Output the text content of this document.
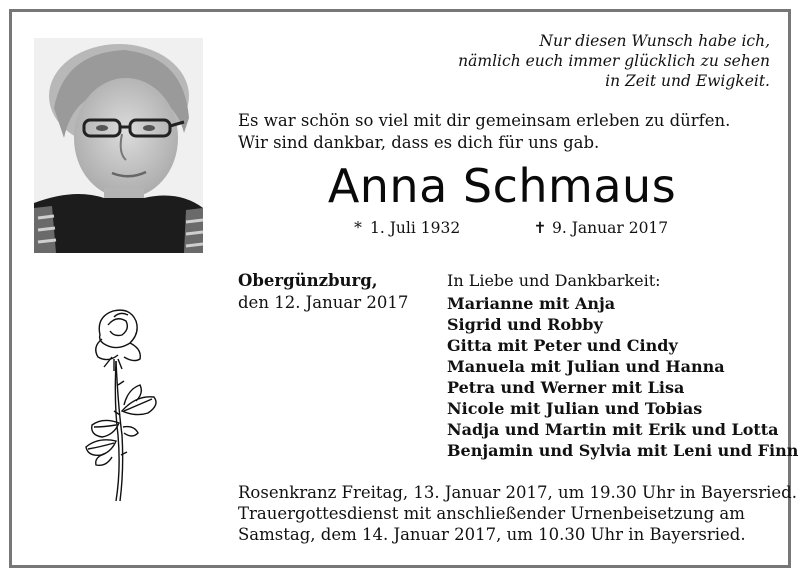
Nur diesen Wunsch habe ich,
nämlich euch immer glücklich zu sehen
in Zeit und Ewigkeit.
Es war schön so viel mit dir gemeinsam erleben zu dürfen.
Wir sind dankbar, dass es dich für uns gab.
Anna Schmaus
* 1. Juli 1932	✝ 9. Januar 2017
Obergünzburg,
den 12. Januar 2017
In Liebe und Dankbarkeit:
Marianne mit Anja
Sigrid und Robby
Gitta mit Peter und Cindy
Manuela mit Julian und Hanna
Petra und Werner mit Lisa
Nicole mit Julian und Tobias
Nadja und Martin mit Erik und Lotta
Benjamin und Sylvia mit Leni und Finn
Rosenkranz Freitag, 13. Januar 2017, um 19.30 Uhr in Bayersried.
Trauergottesdienst mit anschließender Urnenbeisetzung am
Samstag, dem 14. Januar 2017, um 10.30 Uhr in Bayersried.
